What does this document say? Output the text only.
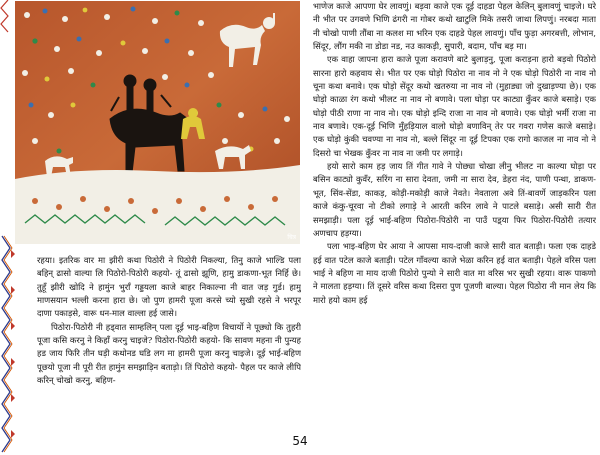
चित्र

रहया। इतरिक वार मा झीरी कथा पिठोरी ने पिठोरी निकल्या, तिनु काजे भाल्डि पला बहिन् ढासो वाल्या लि पिठोरो-पिठोरी कहयो- तूं ढासो झूणि, हामु डाकणा-भूत निर्हि छे। तुहूँ झीरी खोदि ने हामुंन भुर्राँ गड्डयला काजे बाहर निकाल्ना नी वात जड़ गुर्ड। हामु माणसयान भल्ली करना हारा छे। जो पुण हामरी पूजा करसे च्यो सुखी रहसे ने भरपूर दाणा पकाड़से, वारू धन-माल वाल्ला हई जासे।

पिठोरा-पिठोरी नी हड्वात साम्हलिन् पला दूई भाइ-बहिण विचार्यो ने पूछ्यो कि तुहरी पूजा कसि करनु ने किहाँ करनु चाइजे? पिठोरा-पिठोरी कहयो- कि सावण महना नी पुन्यह हड जाय फिरि तीन घड़ी कथोनड घडि लग मा हामरी पूजा करनु चाइजे। दूई भाई-बहिण पूछयो पूजा नी पूरी रीत हामुंन समझाड़िन बताड़ो। तिं पिठोरो कहयो- पैहल पर काजे लीपि करिन् चोखो करनु, बहिण-

भाणेज काजे आपणा घेर लावणुं। बड़वा काजे एक दूई दाहडा पेहल केलिन् बुलावणुं चाइजे। घरे नी भीत पर उगवणे भिणि ढंगरी ना गोबर कथो खाटुलि मिके तसरी जाथा लिपणुं। नरबदा माता नी चोखो पाणी तौंबा ना कलश मा भरिन एक दाहडे पेहल लावणुं। पाँच फुड़ा अगरबत्ती, लोभान, सिंदूर, लौंग मकी ना डोडा नड, नउ काकड़ी, सुपारी, बदाम, पाँच बड़ मा।

एक वाहा जापना हारा काजे पूजा करावणे बाटे बुलाड़नु, पूजा कराड़ना हारो बड़वो पिठोरो सारना हारो कहवाय से। भीत पर एक घोड़ो पिठोरा ना नाव नो ने एक घोड़ो पिठोरी ना नाव नो चूना कथा बनावे। एक घोड़ो सेंदूर कथो खतरुया ना नाव नो (मुहाड्या जो दुखाड़ण्या छे)। एक घोड़ो काळा रंग कथो भीलट ना नाव नो बणावे। पला घोड़ा पर काट्या कुँवर काजे बसाड़े। एक घोड़ो पीठी राणा ना नाव नो। एक घोड़ो इन्दि राजा ना नाव नो बणावे। एक घोड़ो भर्मी राजा ना नाव बणावे। एक-दूई भिणि मुँहड़ियाल वालो घोड़ो बणाविन् तेर पर गवरा गणेस काजे बसाड़े। एक घोड़ो कुंकी चवण्या ना नाव नो, बल्ले सिंदूर ना दूई टिपका एक रागो काजल ना नाव नो ने दिसरो चा भेखक कुँवर ना नाव ना जमी पर लगाड़े।

हयो सारो काम हड़ जाय तिं गीत गावे ने पोछ्या चोखा लीनु भीलट ना काल्या घोड़ा पर बसिन काट्यो कुवँर, सरिंग ना सारा देवता, जमी ना सारा देव, डेहरा नंद, पाणी पन्था, डाकण-भूत, सिंव-सेंडा, काकड़, कोड़ी-मकोड़ी काजे नेवते। नेवताला अवे तिं-बावर्णे जाड़करिन पला काजे कंकु-चूरवा नो टीको लगाड़े ने आरती करिन लावे ने पाटले बसाड़े। असी सारी रीत समझाड़ी। पला दूई भाई-बहिण पिठोरा-पिठोरी ना पाउँ पड़्या फिर पिठोरा-पिठोरी तत्यार अणचाप हड़ग्या।

पला भाइ-बहिण घेर आया ने आपसा माय-दाजी काजे सारी वात बताड़ी। फला एक दाहडे हई वात पटेल काजे बताड़ी। पटेल गाँवल्या काजे भेळा करिन हई वात बताड़ी। पेहले वरिस पला भाई ने बहिण ना माय दाजी पिठोरो पुन्यो ने सारी वात मा वरिस भर सुखी रहया। वारू पाकणो ने मालता हड़ग्या। तिं दूसरे वरिस कथा दिसरा पुण पूजणी बाल्या। पेहल पिठोरा नी मान लेय कि मारो हयो काम हई

54
